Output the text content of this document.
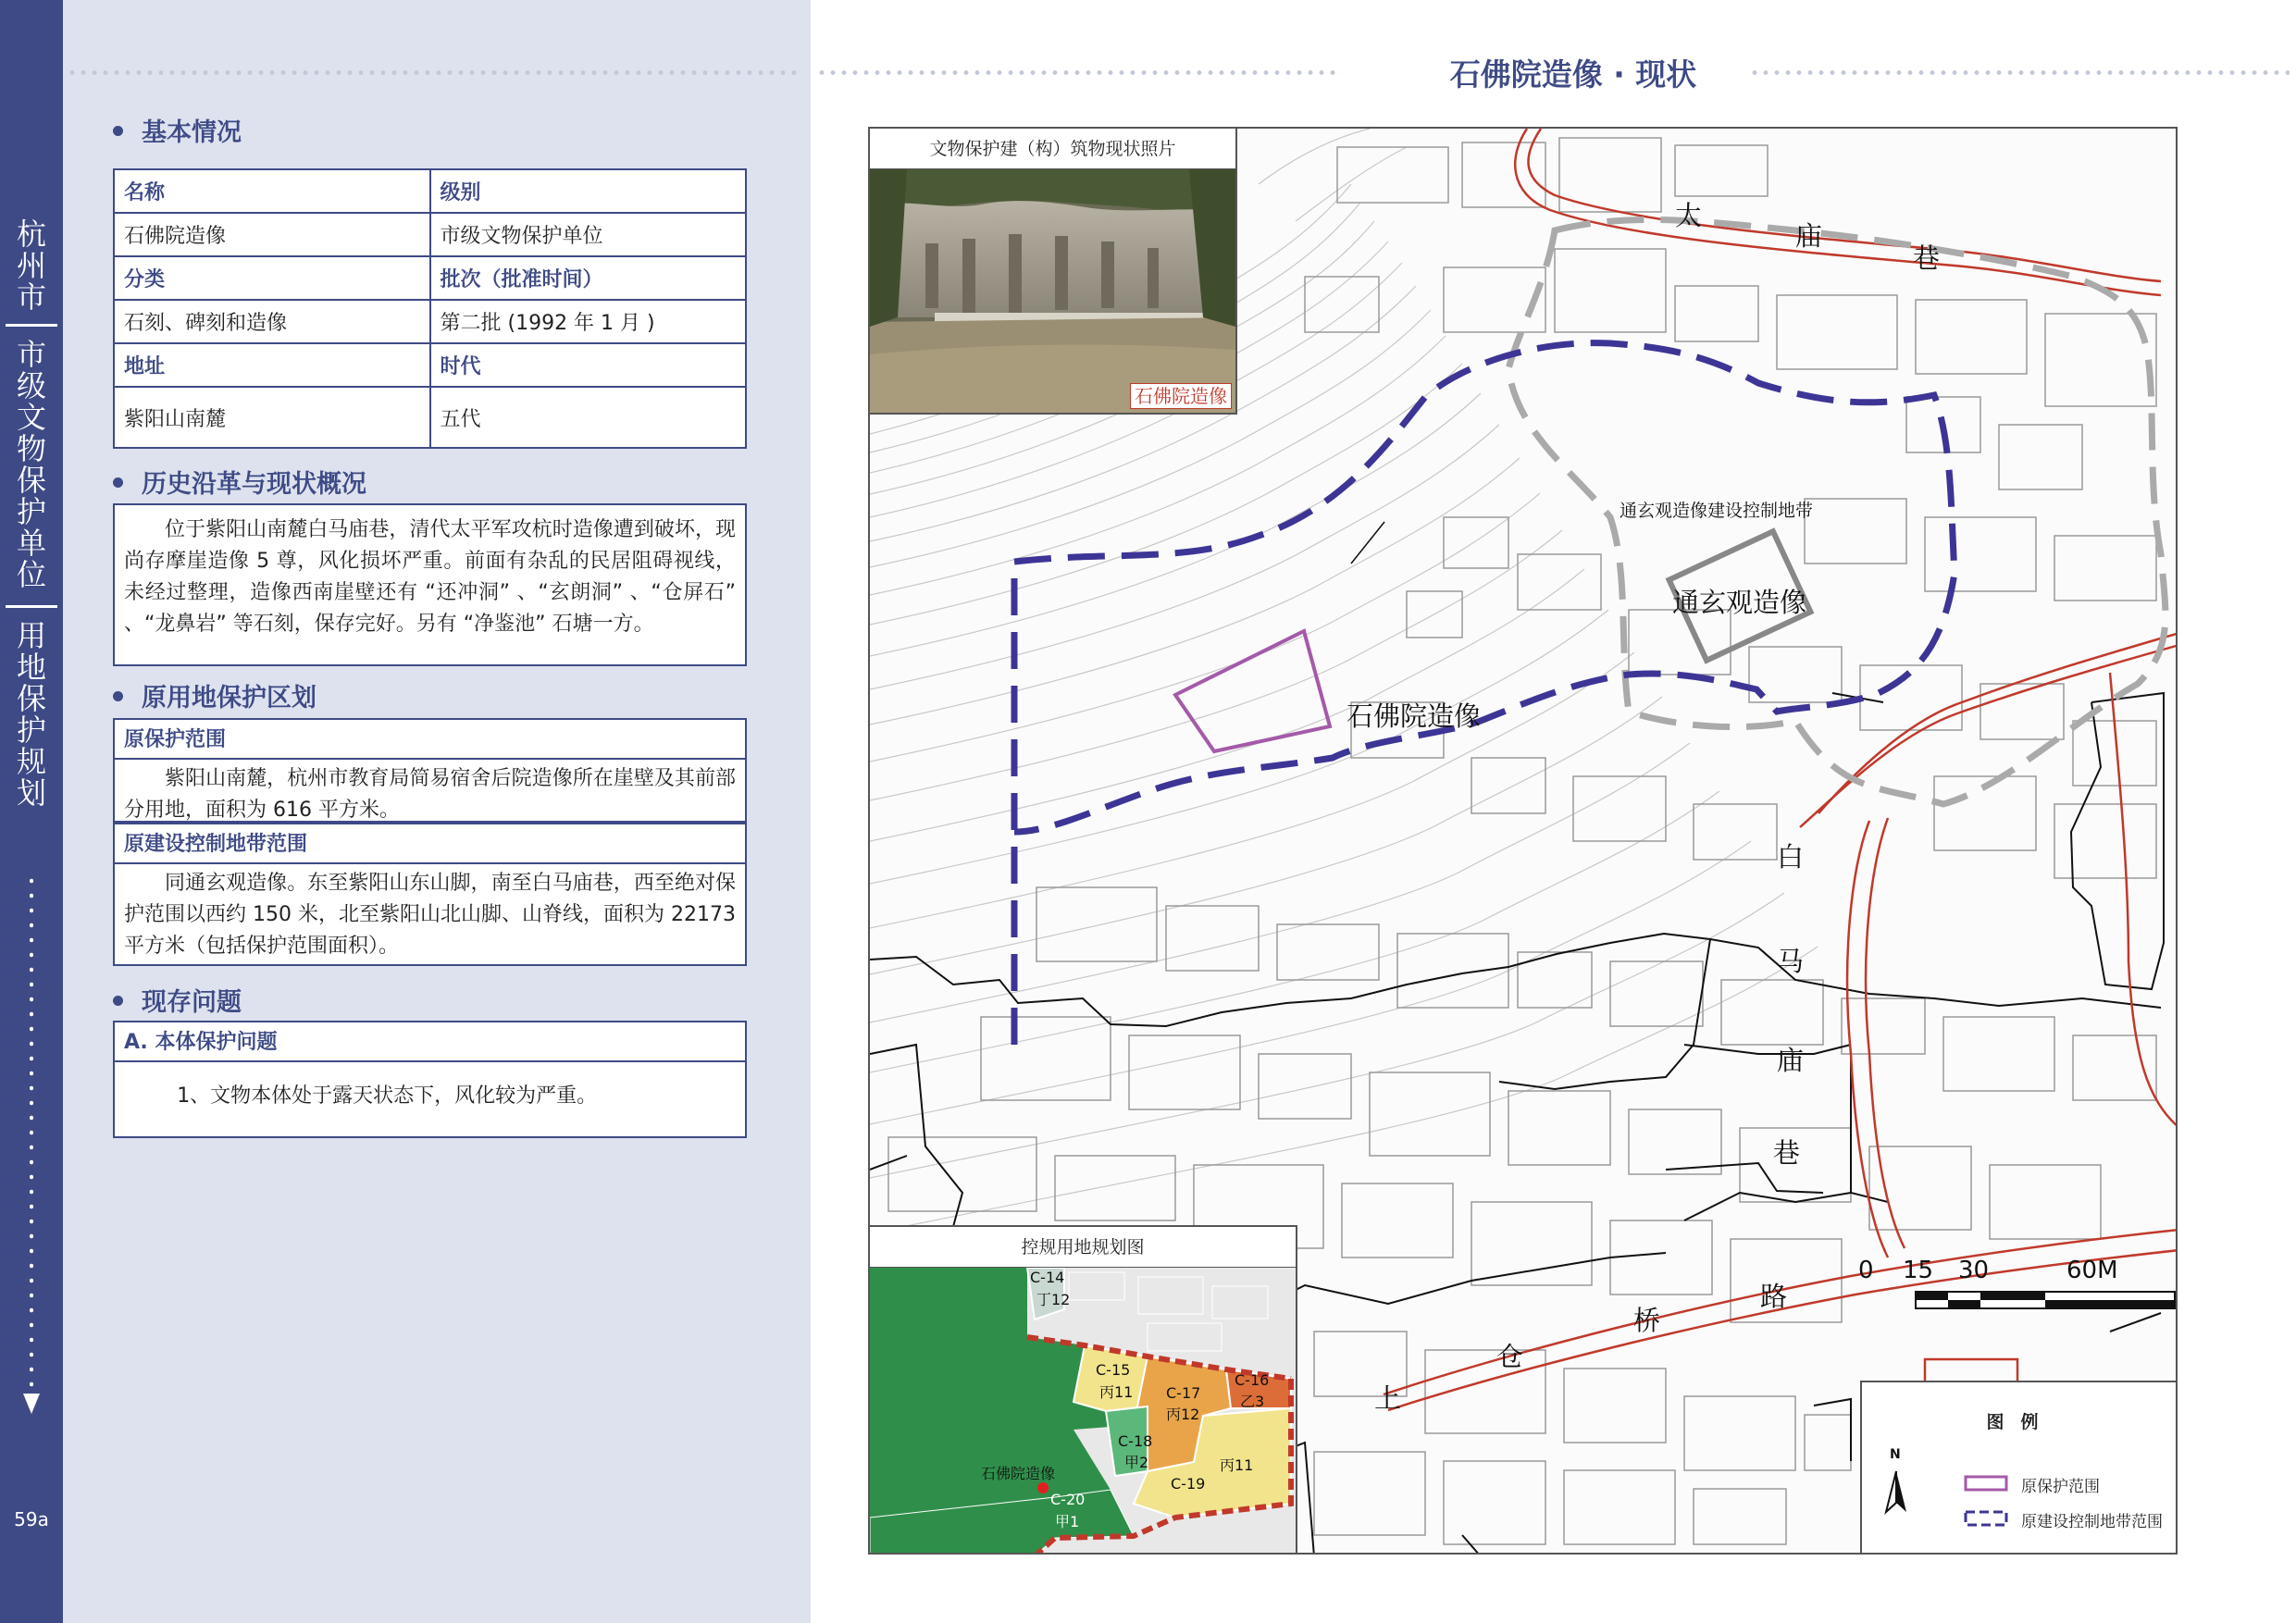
杭
州
市
市
级
文
物
保
护
单
位
用
地
保
护
规
划
59a
基本情况
名称	级别
石佛院造像	市级文物保护单位
分类	批次（批准时间）
石刻、碑刻和造像	第二批 (1992 年 1 月 )
地址	时代
紫阳山南麓	五代
历史沿革与现状概况
位于紫阳山南麓白马庙巷，清代太平军攻杭时造像遭到破坏，现尚存摩崖造像 5 尊，风化损坏严重。前面有杂乱的民居阻碍视线，未经过整理，造像西南崖壁还有 “还冲洞” 、“玄朗洞” 、“仓屏石” 、“龙鼻岩” 等石刻，保存完好。另有 “净鉴池” 石塘一方。
原用地保护区划
原保护范围
紫阳山南麓，杭州市教育局简易宿舍后院造像所在崖壁及其前部分用地，面积为 616 平方米。
原建设控制地带范围
同通玄观造像。东至紫阳山东山脚，南至白马庙巷，西至绝对保护范围以西约 150 米，北至紫阳山北山脚、山脊线，面积为 22173 平方米（包括保护范围面积）。
现存问题
A. 本体保护问题
1、文物本体处于露天状态下，风化较为严重。
石佛院造像 · 现状
文物保护建（构）筑物现状照片
石佛院造像
通玄观造像建设控制地带
通玄观造像
石佛院造像
太
庙
巷
白
马
庙
巷
上
仓
桥
路
0 15 30	60M
控规用地规划图
C-14
丁12
C-15
丙11 C-17
丙12
C-16
乙3
C-18
甲2
C-19
丙11
C-20
甲1
石佛院造像
图例
N
原保护范围
原建设控制地带范围
